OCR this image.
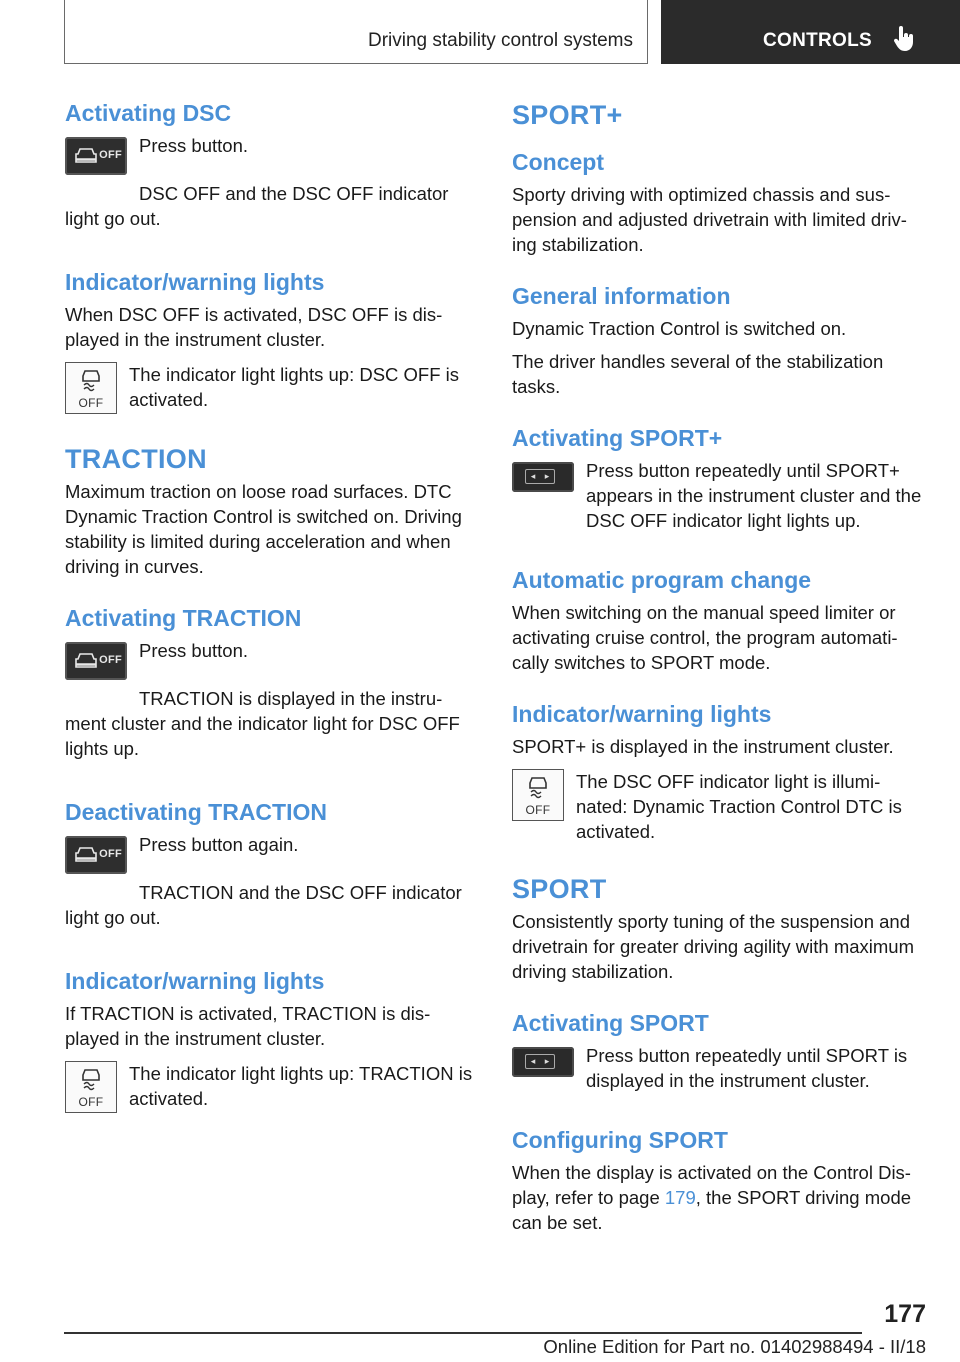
Driving stability control systems	CONTROLS
Activating DSC
OFF Press button.

DSC OFF and the DSC OFF indicator light go out.

Indicator/warning lights

When DSC OFF is activated, DSC OFF is dis-played in the instrument cluster.

OFF

The indicator light lights up: DSC OFF is activated.

TRACTION

Maximum traction on loose road surfaces. DTC Dynamic Traction Control is switched on. Driving stability is limited during acceleration and when driving in curves.

Activating TRACTION
OFF Press button.

TRACTION is displayed in the instru-ment cluster and the indicator light for DSC OFF lights up.

Deactivating TRACTION
OFF Press button again.

TRACTION and the DSC OFF indicator light go out.

Indicator/warning lights

If TRACTION is activated, TRACTION is dis-played in the instrument cluster.

OFF

The indicator light lights up: TRACTION is activated.

SPORT+
Concept

Sporty driving with optimized chassis and sus-pension and adjusted drivetrain with limited driv-ing stabilization.

General information

Dynamic Traction Control is switched on.

The driver handles several of the stabilization tasks.

Activating SPORT+
◂ ▸ Press button repeatedly until SPORT+ appears in the instrument cluster and the DSC OFF indicator light lights up.

Automatic program change

When switching on the manual speed limiter or activating cruise control, the program automati-cally switches to SPORT mode.

Indicator/warning lights

SPORT+ is displayed in the instrument cluster.

OFF

The DSC OFF indicator light is illumi-nated: Dynamic Traction Control DTC is activated.

SPORT

Consistently sporty tuning of the suspension and drivetrain for greater driving agility with maximum driving stabilization.

Activating SPORT
◂ ▸ Press button repeatedly until SPORT is displayed in the instrument cluster.

Configuring SPORT

When the display is activated on the Control Dis-play, refer to page 179, the SPORT driving mode can be set.

177
Online Edition for Part no. 01402988494 - II/18
